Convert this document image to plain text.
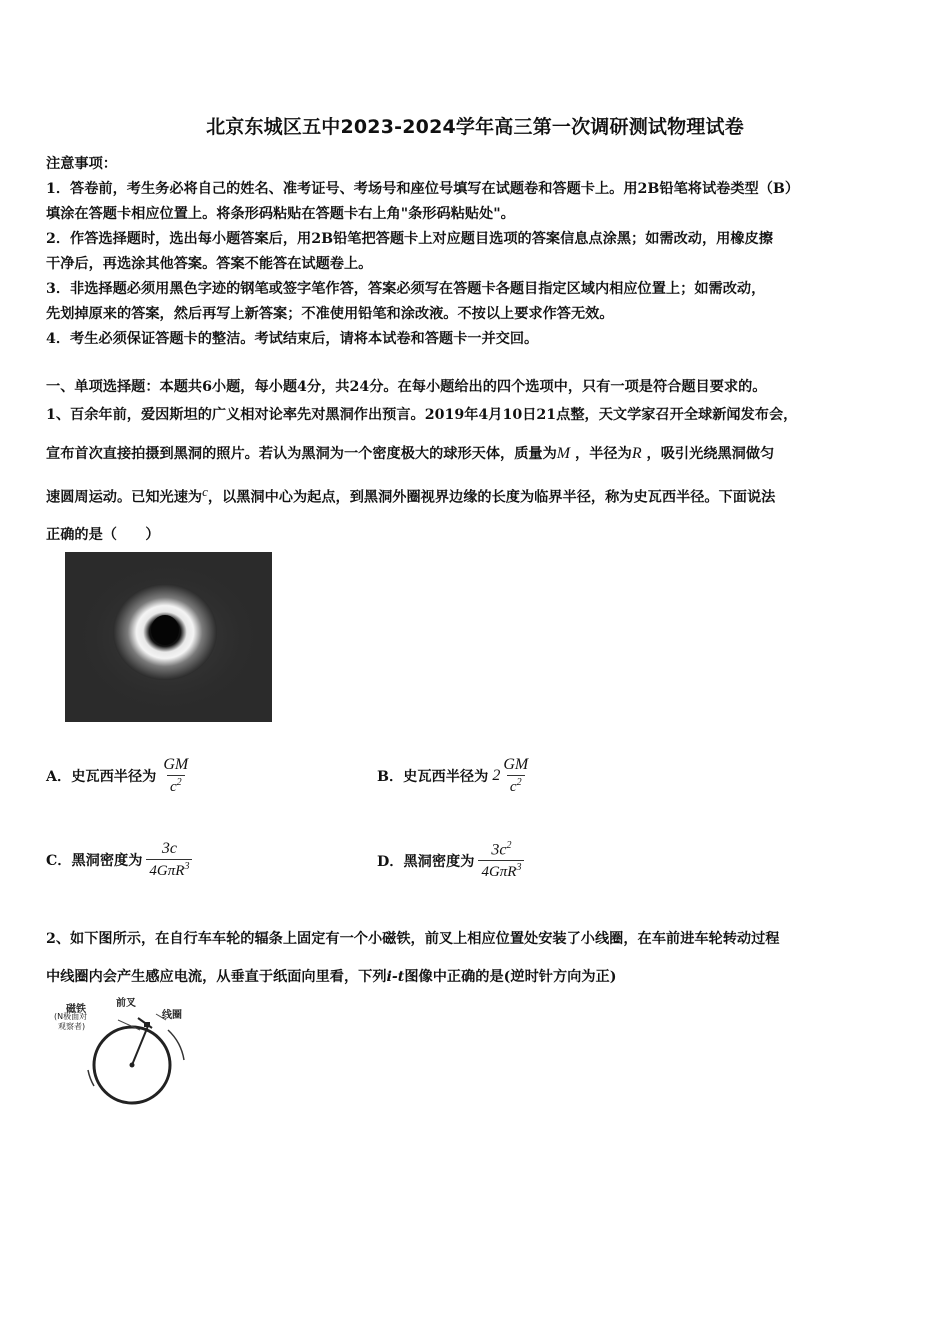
北京东城区五中2023-2024学年高三第一次调研测试物理试卷
注意事项：
1．答卷前，考生务必将自己的姓名、准考证号、考场号和座位号填写在试题卷和答题卡上。用2B铅笔将试卷类型（B）
填涂在答题卡相应位置上。将条形码粘贴在答题卡右上角"条形码粘贴处"。
2．作答选择题时，选出每小题答案后，用2B铅笔把答题卡上对应题目选项的答案信息点涂黑；如需改动，用橡皮擦
干净后，再选涂其他答案。答案不能答在试题卷上。
3．非选择题必须用黑色字迹的钢笔或签字笔作答，答案必须写在答题卡各题目指定区域内相应位置上；如需改动，
先划掉原来的答案，然后再写上新答案；不准使用铅笔和涂改液。不按以上要求作答无效。
4．考生必须保证答题卡的整洁。考试结束后，请将本试卷和答题卡一并交回。
一、单项选择题：本题共6小题，每小题4分，共24分。在每小题给出的四个选项中，只有一项是符合题目要求的。
1、百余年前，爱因斯坦的广义相对论率先对黑洞作出预言。2019年4月10日21点整，天文学家召开全球新闻发布会，
宣布首次直接拍摄到黑洞的照片。若认为黑洞为一个密度极大的球形天体，质量为M ，半径为R ，吸引光绕黑洞做匀
速圆周运动。已知光速为$^c$，以黑洞中心为起点，到黑洞外圈视界边缘的长度为临界半径，称为史瓦西半径。下面说法
正确的是（　　）
A．史瓦西半径为 $\frac{GM}{c^2}$	B．史瓦西半径为 $2 \frac{GM}{c^2}$
C．黑洞密度为 $\frac{3c}{4G\pi R^3}$	D．黑洞密度为 $\frac{3c^2}{4G\pi R^3}$
2、如下图所示，在自行车车轮的辐条上固定有一个小磁铁，前叉上相应位置处安装了小线圈，在车前进车轮转动过程
中线圈内会产生感应电流，从垂直于纸面向里看，下列i-t图像中正确的是(逆时针方向为正)
磁铁
(N极面对
观察者)
前叉
线圈
